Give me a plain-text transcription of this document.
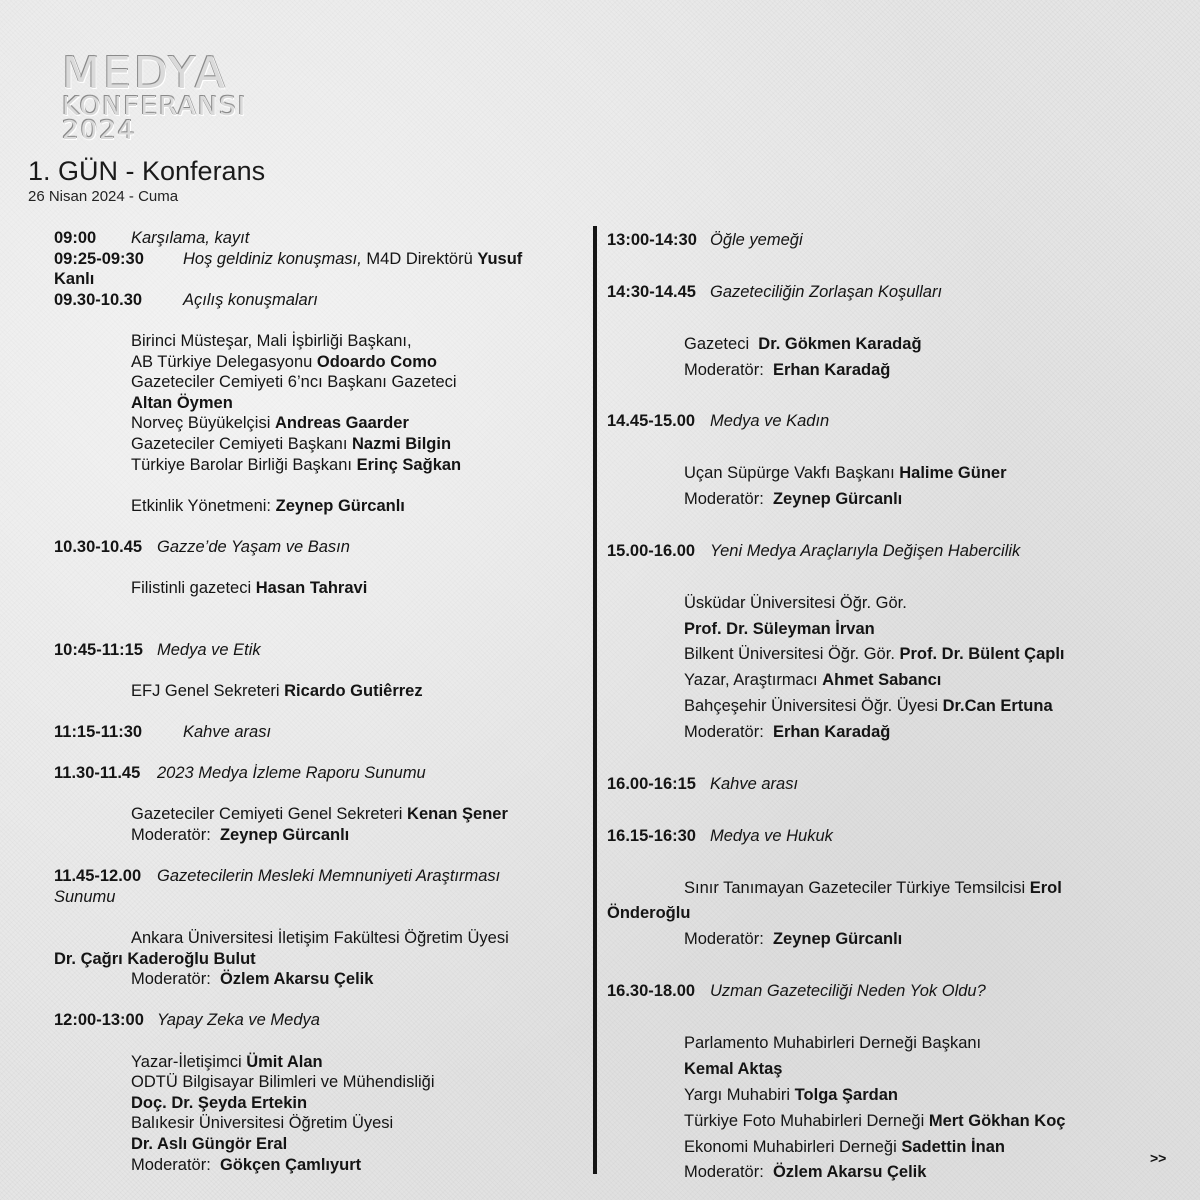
MEDYA
KONFERANSI
2024
1. GÜN - Konferans
26 Nisan 2024 - Cuma
09:00 Karşılama, kayıt
09:25-09:30 Hoş geldiniz konuşması, M4D Direktörü Yusuf
Kanlı
09.30-10.30 Açılış konuşmaları
Birinci Müsteşar, Mali İşbirliği Başkanı,
AB Türkiye Delegasyonu Odoardo Como
Gazeteciler Cemiyeti 6’ncı Başkanı Gazeteci
Altan Öymen
Norveç Büyükelçisi Andreas Gaarder
Gazeteciler Cemiyeti Başkanı Nazmi Bilgin
Türkiye Barolar Birliği Başkanı Erinç Sağkan
Etkinlik Yönetmeni: Zeynep Gürcanlı
10.30-10.45 Gazze’de Yaşam ve Basın
Filistinli gazeteci Hasan Tahravi
10:45-11:15 Medya ve Etik
EFJ Genel Sekreteri Ricardo Gutiêrrez
11:15-11:30 Kahve arası
11.30-11.45 2023 Medya İzleme Raporu Sunumu
Gazeteciler Cemiyeti Genel Sekreteri Kenan Şener
Moderatör:  Zeynep Gürcanlı
11.45-12.00 Gazetecilerin Mesleki Memnuniyeti Araştırması
Sunumu
Ankara Üniversitesi İletişim Fakültesi Öğretim Üyesi
Dr. Çağrı Kaderoğlu Bulut
Moderatör:  Özlem Akarsu Çelik
12:00-13:00 Yapay Zeka ve Medya
Yazar-İletişimci Ümit Alan
ODTÜ Bilgisayar Bilimleri ve Mühendisliği
Doç. Dr. Şeyda Ertekin
Balıkesir Üniversitesi Öğretim Üyesi
Dr. Aslı Güngör Eral
Moderatör:  Gökçen Çamlıyurt
13:00-14:30 Öğle yemeği
14:30-14.45 Gazeteciliğin Zorlaşan Koşulları
Gazeteci  Dr. Gökmen Karadağ
Moderatör:  Erhan Karadağ
14.45-15.00 Medya ve Kadın
Uçan Süpürge Vakfı Başkanı Halime Güner
Moderatör:  Zeynep Gürcanlı
15.00-16.00 Yeni Medya Araçlarıyla Değişen Habercilik
Üsküdar Üniversitesi Öğr. Gör.
Prof. Dr. Süleyman İrvan
Bilkent Üniversitesi Öğr. Gör. Prof. Dr. Bülent Çaplı
Yazar, Araştırmacı Ahmet Sabancı
Bahçeşehir Üniversitesi Öğr. Üyesi Dr.Can Ertuna
Moderatör:  Erhan Karadağ
16.00-16:15 Kahve arası
16.15-16:30 Medya ve Hukuk
Sınır Tanımayan Gazeteciler Türkiye Temsilcisi Erol
Önderoğlu
Moderatör:  Zeynep Gürcanlı
16.30-18.00 Uzman Gazeteciliği Neden Yok Oldu?
Parlamento Muhabirleri Derneği Başkanı
Kemal Aktaş
Yargı Muhabiri Tolga Şardan
Türkiye Foto Muhabirleri Derneği Mert Gökhan Koç
Ekonomi Muhabirleri Derneği Sadettin İnan
Moderatör:  Özlem Akarsu Çelik
>>
